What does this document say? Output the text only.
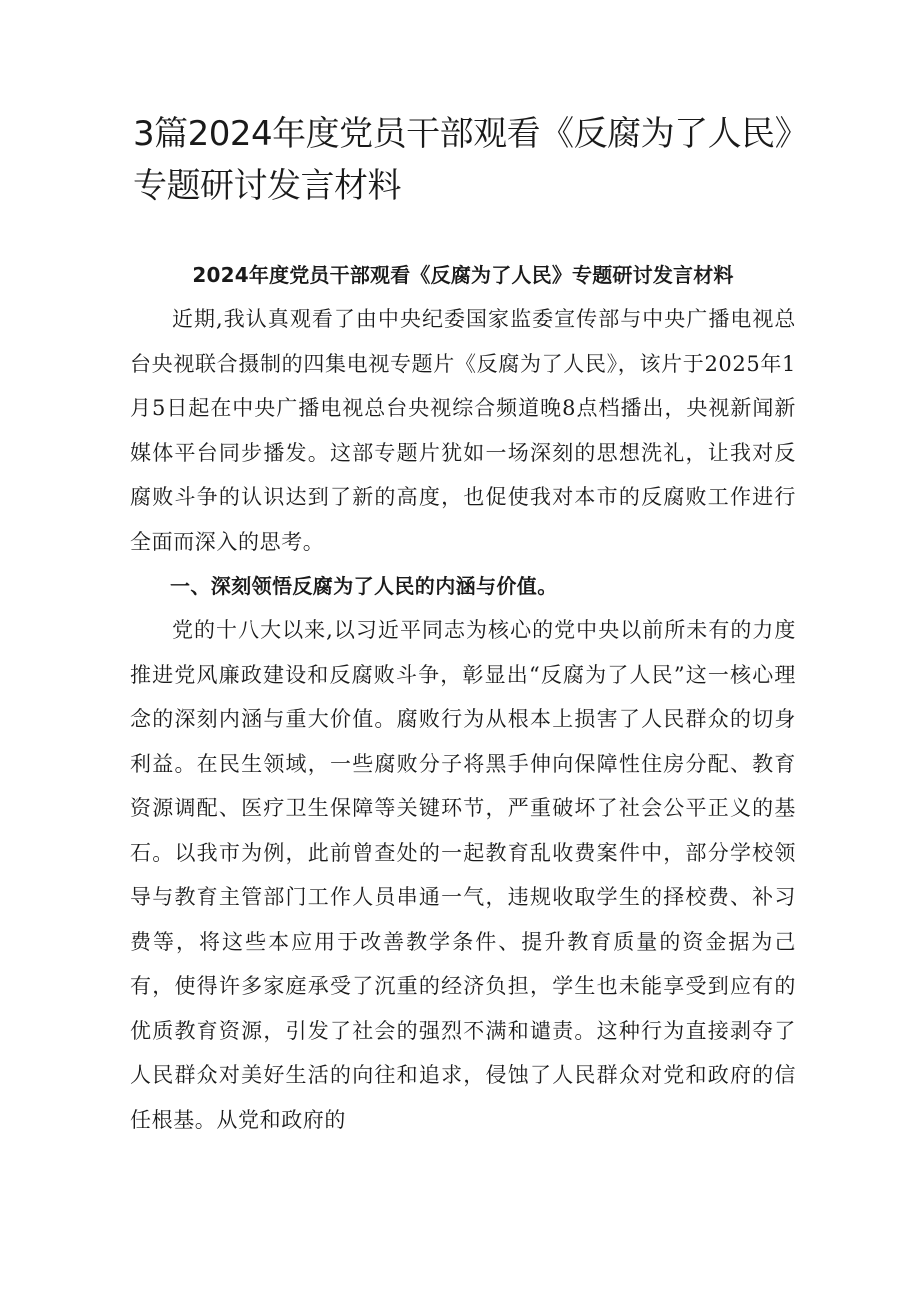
3篇2024年度党员干部观看《反腐为了人民》专题研讨发言材料

2024年度党员干部观看《反腐为了人民》专题研讨发言材料

近期,我认真观看了由中央纪委国家监委宣传部与中央广播电视总台央视联合摄制的四集电视专题片《反腐为了人民》，该片于2025年1月5日起在中央广播电视总台央视综合频道晚8点档播出，央视新闻新媒体平台同步播发。这部专题片犹如一场深刻的思想洗礼，让我对反腐败斗争的认识达到了新的高度，也促使我对本市的反腐败工作进行全面而深入的思考。

一、深刻领悟反腐为了人民的内涵与价值。

党的十八大以来,以习近平同志为核心的党中央以前所未有的力度推进党风廉政建设和反腐败斗争，彰显出“反腐为了人民”这一核心理念的深刻内涵与重大价值。腐败行为从根本上损害了人民群众的切身利益。在民生领域，一些腐败分子将黑手伸向保障性住房分配、教育资源调配、医疗卫生保障等关键环节，严重破坏了社会公平正义的基石。以我市为例，此前曾查处的一起教育乱收费案件中，部分学校领导与教育主管部门工作人员串通一气，违规收取学生的择校费、补习费等，将这些本应用于改善教学条件、提升教育质量的资金据为己有，使得许多家庭承受了沉重的经济负担，学生也未能享受到应有的优质教育资源，引发了社会的强烈不满和谴责。这种行为直接剥夺了人民群众对美好生活的向往和追求，侵蚀了人民群众对党和政府的信任根基。从党和政府的
